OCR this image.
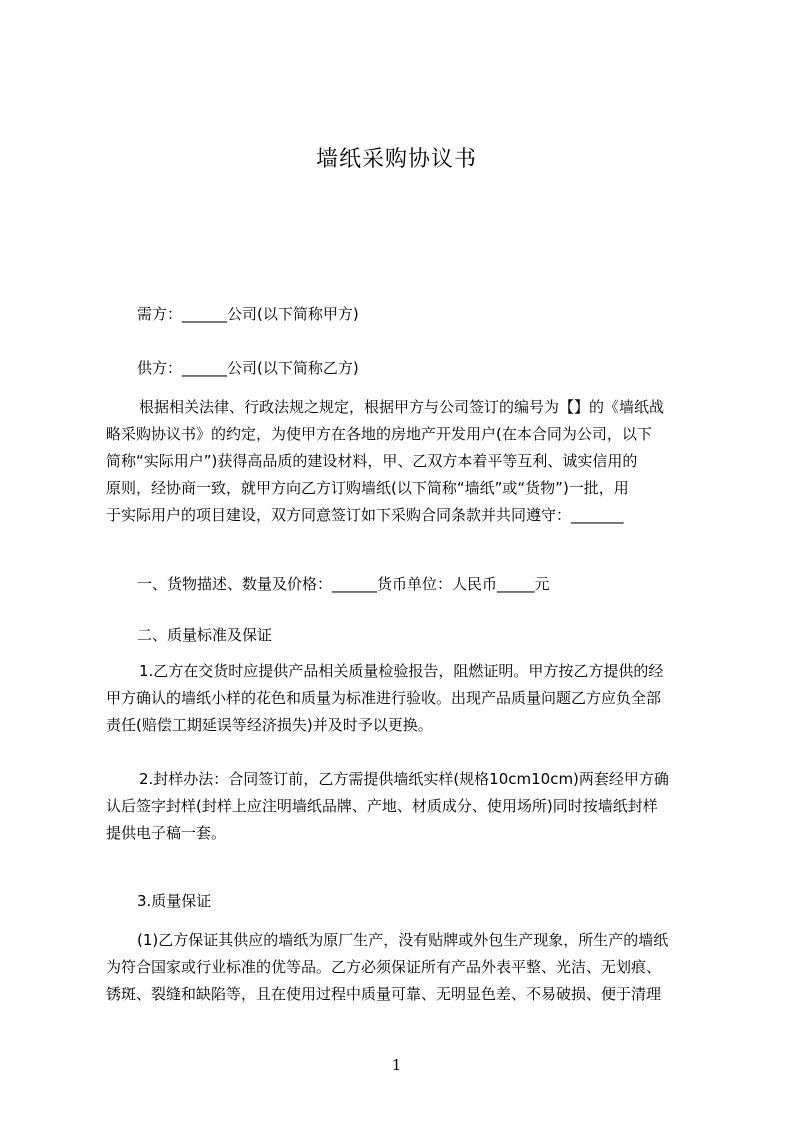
墙纸采购协议书

需方：______公司(以下简称甲方)

供方：______公司(以下简称乙方)

根据相关法律、行政法规之规定，根据甲方与公司签订的编号为【】的《墙纸战

略采购协议书》的约定，为使甲方在各地的房地产开发用户(在本合同为公司，以下

简称“实际用户”)获得高品质的建设材料，甲、乙双方本着平等互利、诚实信用的

原则，经协商一致，就甲方向乙方订购墙纸(以下简称“墙纸”或“货物”)一批，用

于实际用户的项目建设，双方同意签订如下采购合同条款并共同遵守：_______

一、货物描述、数量及价格：______货币单位：人民币_____元

二、质量标准及保证

1.乙方在交货时应提供产品相关质量检验报告，阻燃证明。甲方按乙方提供的经

甲方确认的墙纸小样的花色和质量为标准进行验收。出现产品质量问题乙方应负全部

责任(赔偿工期延误等经济损失)并及时予以更换。

2.封样办法：合同签订前，乙方需提供墙纸实样(规格10cm10cm)两套经甲方确

认后签字封样(封样上应注明墙纸品牌、产地、材质成分、使用场所)同时按墙纸封样

提供电子稿一套。

3.质量保证

(1)乙方保证其供应的墙纸为原厂生产，没有贴牌或外包生产现象，所生产的墙纸

为符合国家或行业标准的优等品。乙方必须保证所有产品外表平整、光洁、无划痕、

锈斑、裂缝和缺陷等，且在使用过程中质量可靠、无明显色差、不易破损、便于清理

1
